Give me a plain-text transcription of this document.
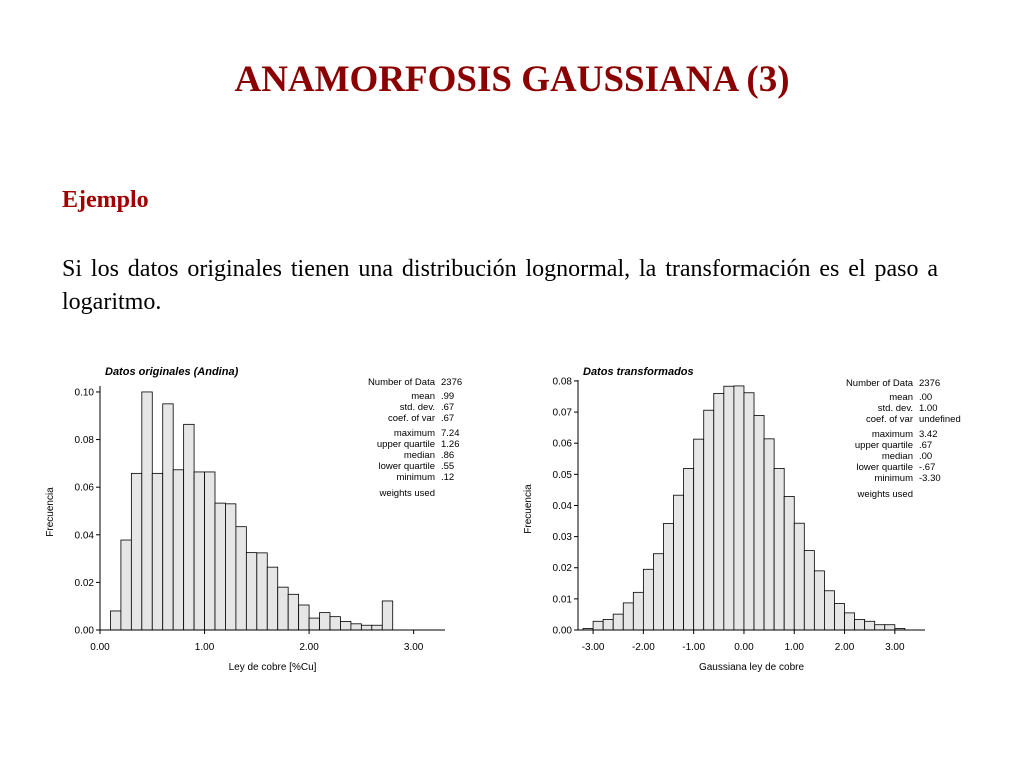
ANAMORFOSIS GAUSSIANA (3)
Ejemplo

Si los datos originales tienen una distribución lognormal, la transformación es el paso a logaritmo.

0.00
0.02
0.04
0.06
0.08
0.10
0.00	1.00	2.00	3.00
Datos originales (Andina)
Ley de cobre [%Cu]
Frecuencia
Number of Data 2376
mean .99
std. dev. .67
coef. of var .67
maximum 7.24
upper quartile 1.26
median .86
lower quartile .55
minimum .12
weights used
0.00
0.01
0.02
0.03
0.04
0.05
0.06
0.07
0.08
-3.00	-2.00	-1.00	0.00	1.00	2.00	3.00
Datos transformados
Gaussiana ley de cobre
Frecuencia
Number of Data 2376
mean .00
std. dev. 1.00
coef. of var undefined
maximum 3.42
upper quartile .67
median .00
lower quartile -.67
minimum -3.30
weights used
